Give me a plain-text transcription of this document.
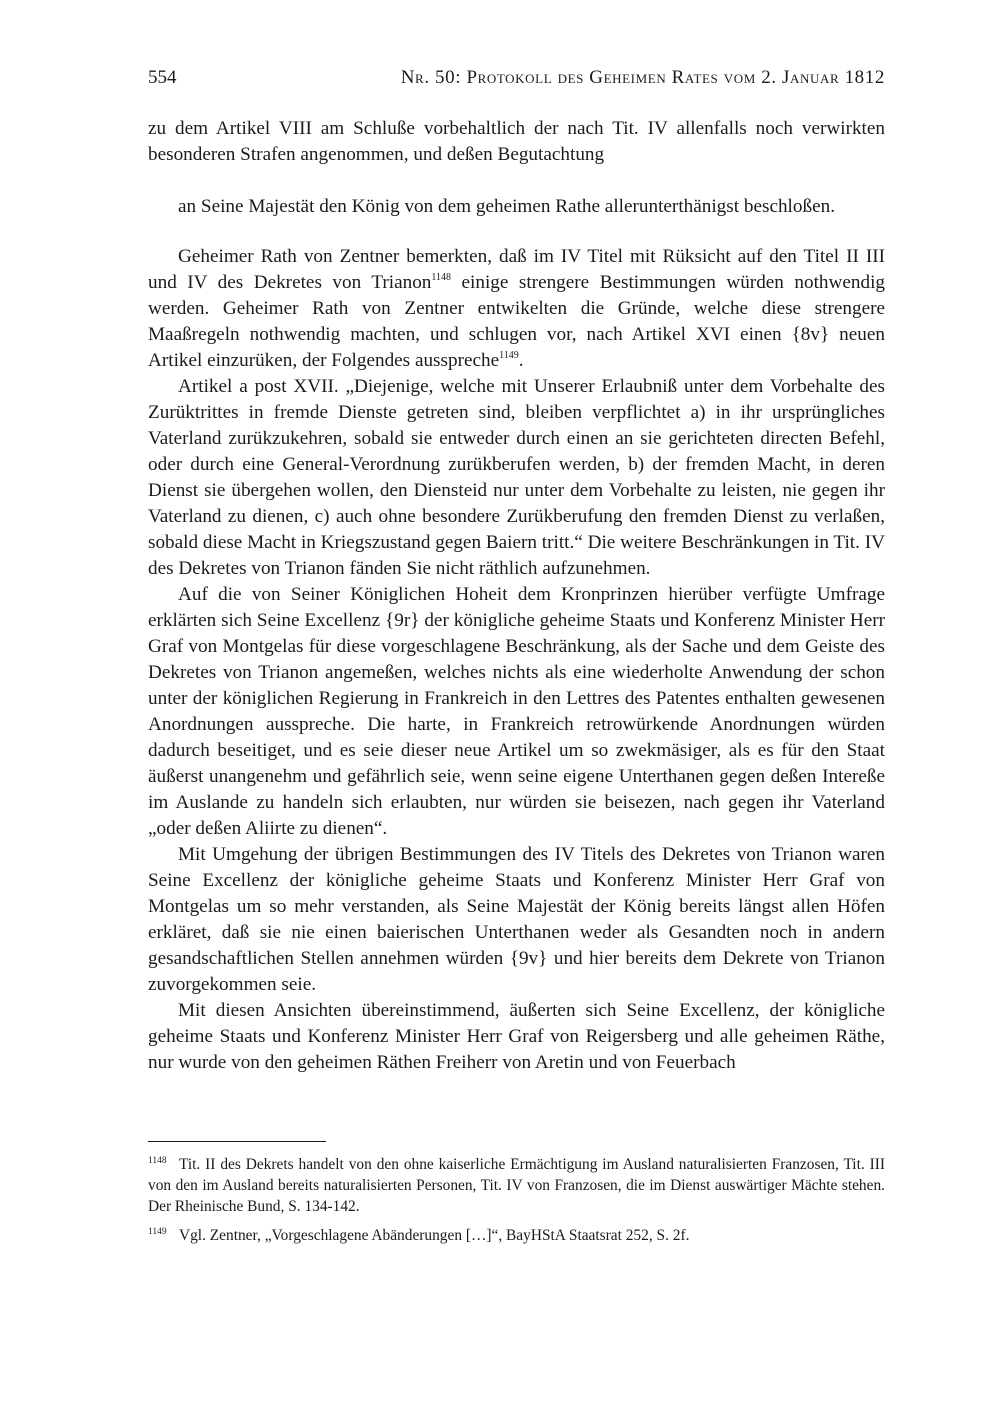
554	Nr. 50: Protokoll des Geheimen Rates vom 2. Januar 1812

zu dem Artikel VIII am Schluße vorbehaltlich der nach Tit. IV allenfalls noch verwirkten besonderen Strafen angenommen, und deßen Begutachtung

an Seine Majestät den König von dem geheimen Rathe allerunterthänigst beschloßen.

Geheimer Rath von Zentner bemerkten, daß im IV Titel mit Rüksicht auf den Titel II III und IV des Dekretes von Trianon$^{1148}$ einige strengere Bestimmungen würden nothwendig werden. Geheimer Rath von Zentner entwikelten die Gründe, welche diese strengere Maaßregeln nothwendig machten, und schlugen vor, nach Artikel XVI einen {8v} neuen Artikel einzurüken, der Folgendes ausspreche$^{1149}$.

Artikel a post XVII. „Diejenige, welche mit Unserer Erlaubniß unter dem Vorbehalte des Zurüktrittes in fremde Dienste getreten sind, bleiben verpflichtet a) in ihr ursprüngliches Vaterland zurükzukehren, sobald sie entweder durch einen an sie gerichteten directen Befehl, oder durch eine General-Verordnung zurükberufen werden, b) der fremden Macht, in deren Dienst sie übergehen wollen, den Diensteid nur unter dem Vorbehalte zu leisten, nie gegen ihr Vaterland zu dienen, c) auch ohne besondere Zurükberufung den fremden Dienst zu verlaßen, sobald diese Macht in Kriegszustand gegen Baiern tritt.“ Die weitere Beschränkungen in Tit. IV des Dekretes von Trianon fänden Sie nicht räthlich aufzunehmen.

Auf die von Seiner Königlichen Hoheit dem Kronprinzen hierüber verfügte Umfrage erklärten sich Seine Excellenz {9r} der königliche geheime Staats und Konferenz Minister Herr Graf von Montgelas für diese vorgeschlagene Beschränkung, als der Sache und dem Geiste des Dekretes von Trianon angemeßen, welches nichts als eine wiederholte Anwendung der schon unter der königlichen Regierung in Frankreich in den Lettres des Patentes enthalten gewesenen Anordnungen ausspreche. Die harte, in Frankreich retrowürkende Anordnungen würden dadurch beseitiget, und es seie dieser neue Artikel um so zwekmäsiger, als es für den Staat äußerst unangenehm und gefährlich seie, wenn seine eigene Unterthanen gegen deßen Intereße im Auslande zu handeln sich erlaubten, nur würden sie beisezen, nach gegen ihr Vaterland „oder deßen Aliirte zu dienen“.

Mit Umgehung der übrigen Bestimmungen des IV Titels des Dekretes von Trianon waren Seine Excellenz der königliche geheime Staats und Konferenz Minister Herr Graf von Montgelas um so mehr verstanden, als Seine Majestät der König bereits längst allen Höfen erkläret, daß sie nie einen baierischen Unterthanen weder als Gesandten noch in andern gesandschaftlichen Stellen annehmen würden {9v} und hier bereits dem Dekrete von Trianon zuvorgekommen seie.

Mit diesen Ansichten übereinstimmend, äußerten sich Seine Excellenz, der königliche geheime Staats und Konferenz Minister Herr Graf von Reigersberg und alle geheimen Räthe, nur wurde von den geheimen Räthen Freiherr von Aretin und von Feuerbach

1148 Tit. II des Dekrets handelt von den ohne kaiserliche Ermächtigung im Ausland naturalisierten Franzosen, Tit. III von den im Ausland bereits naturalisierten Personen, Tit. IV von Franzosen, die im Dienst auswärtiger Mächte stehen. Der Rheinische Bund, S. 134-142.

1149 Vgl. Zentner, „Vorgeschlagene Abänderungen […]“, BayHStA Staatsrat 252, S. 2f.
